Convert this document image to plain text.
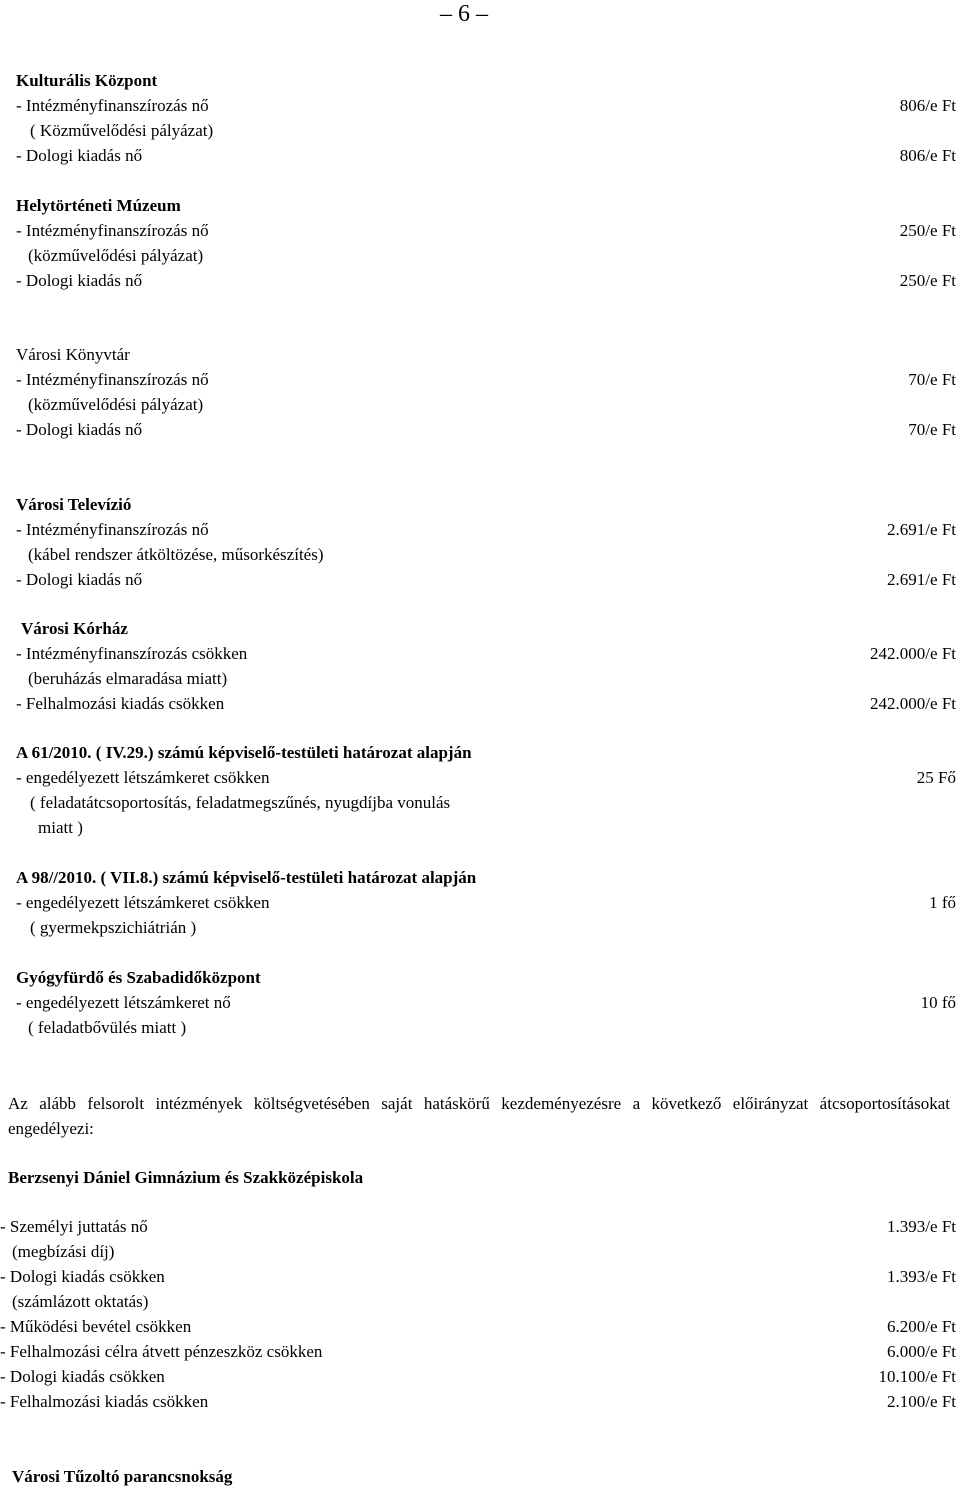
– 6 –
Kulturális Központ
- Intézményfinanszírozás nő
( Közművelődési pályázat)
- Dologi kiadás nő
806/e Ft
806/e Ft
Helytörténeti Múzeum
- Intézményfinanszírozás nő
(közművelődési pályázat)
- Dologi kiadás nő
250/e Ft
250/e Ft
Városi Könyvtár
- Intézményfinanszírozás nő
(közművelődési pályázat)
- Dologi kiadás nő
70/e Ft
70/e Ft
Városi Televízió
- Intézményfinanszírozás nő
(kábel rendszer átköltözése, műsorkészítés)
- Dologi kiadás nő
2.691/e Ft
2.691/e Ft
Városi Kórház
- Intézményfinanszírozás csökken
(beruházás elmaradása miatt)
- Felhalmozási kiadás csökken
242.000/e Ft
242.000/e Ft
A 61/2010. ( IV.29.) számú képviselő-testületi határozat alapján
- engedélyezett létszámkeret csökken
( feladatátcsoportosítás, feladatmegszűnés, nyugdíjba vonulás
miatt )
25 Fő
A 98//2010. ( VII.8.) számú képviselő-testületi határozat alapján
- engedélyezett létszámkeret csökken
( gyermekpszichiátrián )
1 fő
Gyógyfürdő és Szabadidőközpont
- engedélyezett létszámkeret nő
( feladatbővülés miatt )
10 fő
Az alább felsorolt intézmények költségvetésében saját hatáskörű kezdeményezésre a következő előirányzat átcsoportosításokat engedélyezi:
Berzsenyi Dániel Gimnázium és Szakközépiskola
- Személyi juttatás nő
(megbízási díj)
- Dologi kiadás csökken
(számlázott oktatás)
- Működési bevétel csökken
- Felhalmozási célra átvett pénzeszköz csökken
- Dologi kiadás csökken
- Felhalmozási kiadás csökken
1.393/e Ft
1.393/e Ft
6.200/e Ft
6.000/e Ft
10.100/e Ft
2.100/e Ft
Városi Tűzoltó parancsnokság
